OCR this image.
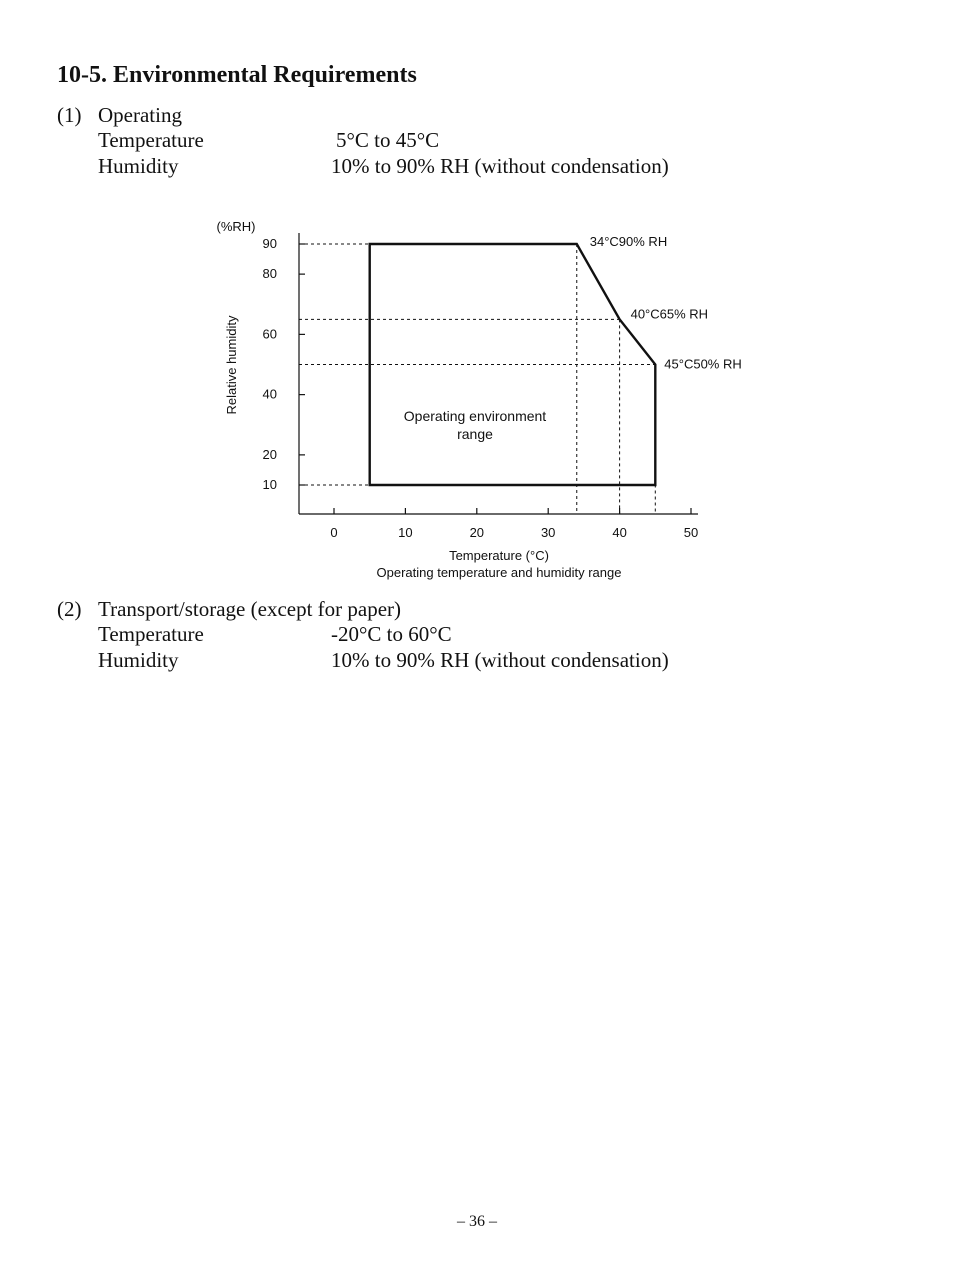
10-5. Environmental Requirements
(1) Operating
Temperature	5°C to 45°C
Humidity	10% to 90% RH (without condensation)
0	10	20	30	40	50
10
20
40
60
80
90	34°C90% RH
40°C65% RH
45°C50% RH
(%RH)
Relative humidity
Temperature (°C)
Operating temperature and humidity range
Operating environment
range
(2) Transport/storage (except for paper)
Temperature	-20°C to 60°C
Humidity	10% to 90% RH (without condensation)
– 36 –
